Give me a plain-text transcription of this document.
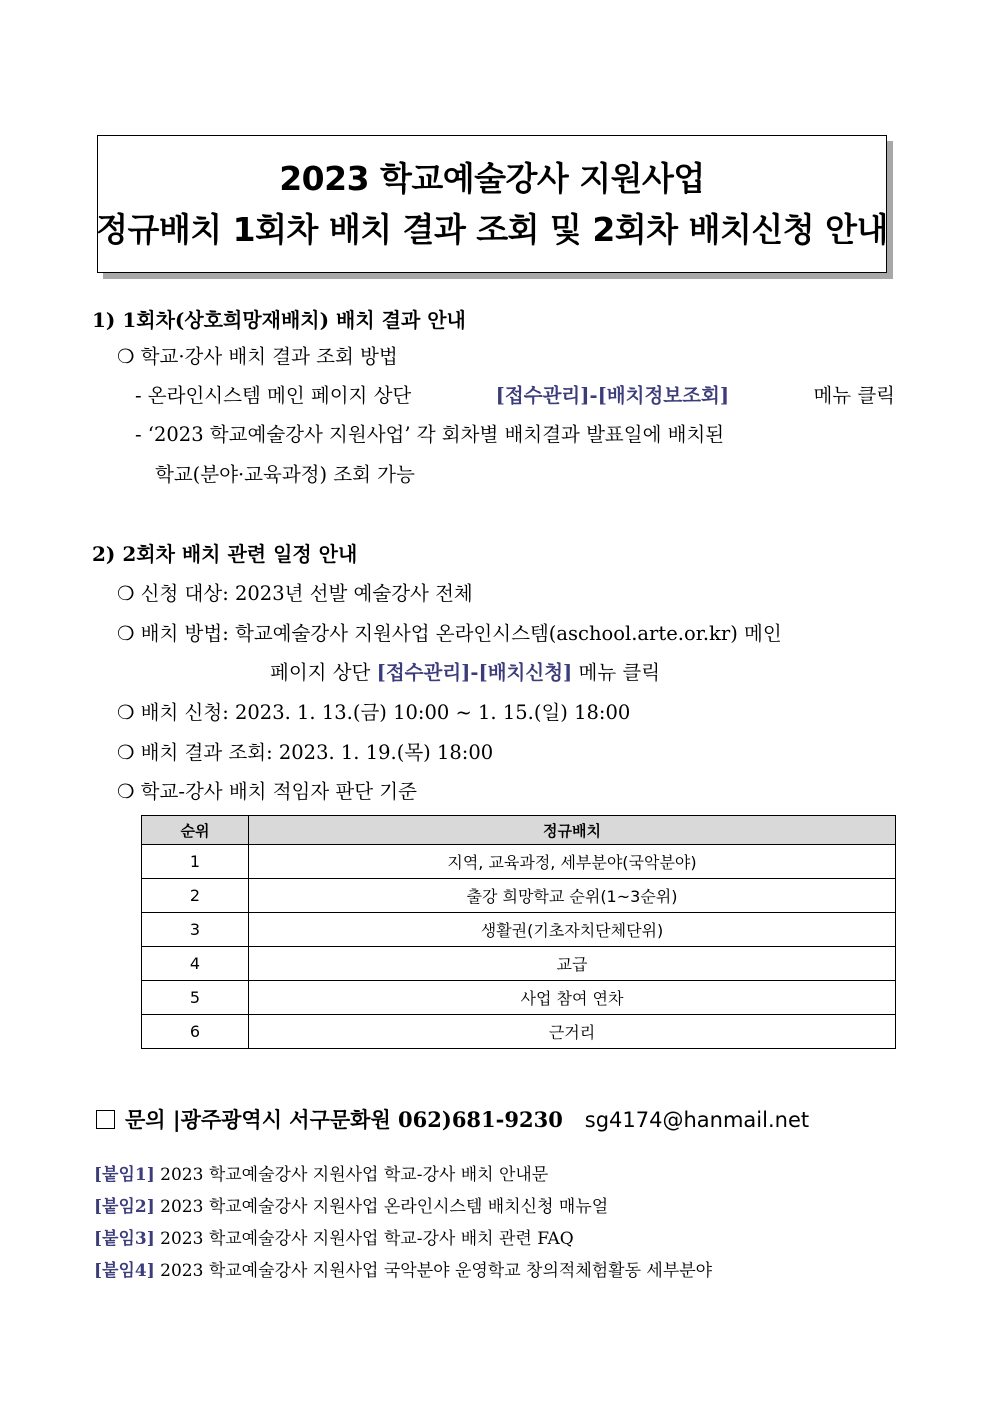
2023 학교예술강사 지원사업
정규배치 1회차 배치 결과 조회 및 2회차 배치신청 안내
1) 1회차(상호희망재배치) 배치 결과 안내
❍ 학교·강사 배치 결과 조회 방법
- 온라인시스템 메인 페이지 상단	[접수관리]-[배치정보조회]	메뉴 클릭
- ‘2023 학교예술강사 지원사업’ 각 회차별 배치결과 발표일에 배치된
학교(분야·교육과정) 조회 가능
2) 2회차 배치 관련 일정 안내
❍ 신청 대상: 2023년 선발 예술강사 전체
❍ 배치 방법: 학교예술강사 지원사업 온라인시스템(aschool.arte.or.kr) 메인
페이지 상단 [접수관리]-[배치신청] 메뉴 클릭
❍ 배치 신청: 2023. 1. 13.(금) 10:00 ~ 1. 15.(일) 18:00
❍ 배치 결과 조회: 2023. 1. 19.(목) 18:00
❍ 학교-강사 배치 적임자 판단 기준
순위	정규배치
1	지역, 교육과정, 세부분야(국악분야)
2	출강 희망학교 순위(1~3순위)
3	생활권(기초자치단체단위)
4	교급
5	사업 참여 연차
6	근거리
문의 |광주광역시 서구문화원 062)681-9230 sg4174@hanmail.net
[붙임1] 2023 학교예술강사 지원사업 학교-강사 배치 안내문
[붙임2] 2023 학교예술강사 지원사업 온라인시스템 배치신청 매뉴얼
[붙임3] 2023 학교예술강사 지원사업 학교-강사 배치 관련 FAQ
[붙임4] 2023 학교예술강사 지원사업 국악분야 운영학교 창의적체험활동 세부분야
